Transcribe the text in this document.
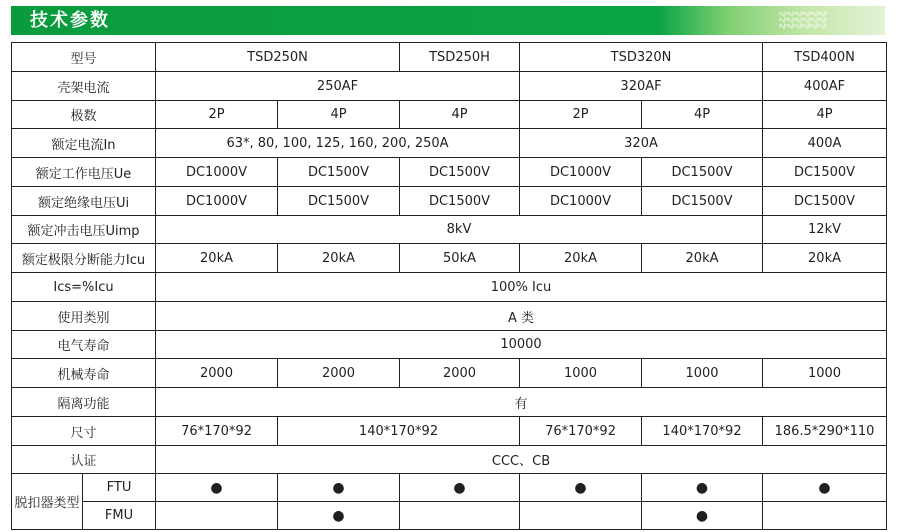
技术参数
型号		TSD250N		TSD250H	TSD320N		TSD400N
壳架电流		250AF			320AF		400AF
极数		2P	4P	4P	2P	4P	4P
额定电流In		63*, 80, 100, 125, 160, 200, 250A			320A		400A
额定工作电压Ue		DC1000V	DC1500V	DC1500V	DC1000V	DC1500V	DC1500V
额定绝缘电压Ui		DC1000V	DC1500V	DC1500V	DC1000V	DC1500V	DC1500V
额定冲击电压Uimp		8kV					12kV
额定极限分断能力Icu		20kA	20kA	50kA	20kA	20kA	20kA
Ics=%Icu		100% Icu					
使用类别		A 类					
电气寿命		10000					
机械寿命		2000	2000	2000	1000	1000	1000
隔离功能		有					
尺寸		76*170*92	140*170*92		76*170*92	140*170*92	186.5*290*110
认证		CCC、CB					
脱扣器类型	FTU	●	●	●	●	●	●
	FMU		●			●	
